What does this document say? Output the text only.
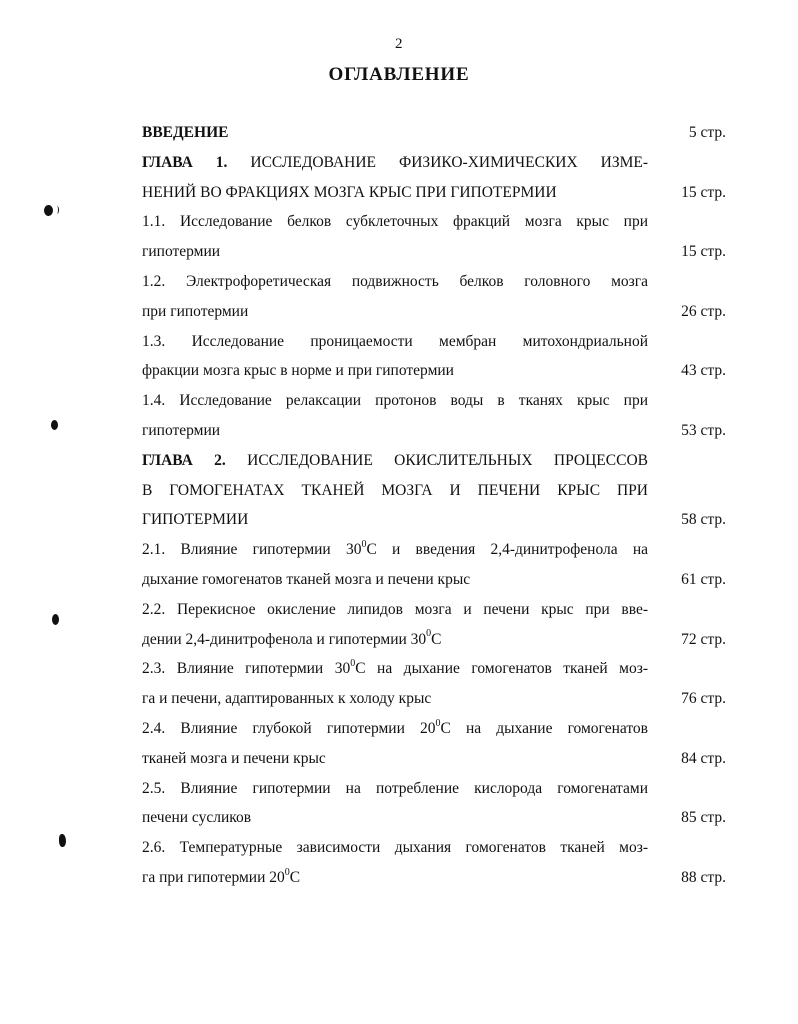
2
ОГЛАВЛЕНИЕ
ВВЕДЕНИЕ	5 стр.
ГЛАВА 1. ИССЛЕДОВАНИЕ ФИЗИКО-ХИМИЧЕСКИХ ИЗМЕ-
НЕНИЙ ВО ФРАКЦИЯХ МОЗГА КРЫС ПРИ ГИПОТЕРМИИ	15 стр.
1.1. Исследование белков субклеточных фракций мозга крыс при
гипотермии	15 стр.
1.2. Электрофоретическая подвижность белков головного мозга
при гипотермии	26 стр.
1.3. Исследование проницаемости мембран митохондриальной
фракции мозга крыс в норме и при гипотермии	43 стр.
1.4. Исследование релаксации протонов воды в тканях крыс при
гипотермии	53 стр.
ГЛАВА 2. ИССЛЕДОВАНИЕ ОКИСЛИТЕЛЬНЫХ ПРОЦЕССОВ
В ГОМОГЕНАТАХ ТКАНЕЙ МОЗГА И ПЕЧЕНИ КРЫС ПРИ
ГИПОТЕРМИИ	58 стр.
2.1. Влияние гипотермии $30^0С$ и введения 2,4-динитрофенола на
дыхание гомогенатов тканей мозга и печени крыс	61 стр.
2.2. Перекисное окисление липидов мозга и печени крыс при вве-
дении 2,4-динитрофенола и гипотермии $30^0С$	72 стр.
2.3. Влияние гипотермии $30^0С$ на дыхание гомогенатов тканей моз-
га и печени, адаптированных к холоду крыс	76 стр.
2.4. Влияние глубокой гипотермии $20^0С$ на дыхание гомогенатов
тканей мозга и печени крыс	84 стр.
2.5. Влияние гипотермии на потребление кислорода гомогенатами
печени сусликов	85 стр.
2.6. Температурные зависимости дыхания гомогенатов тканей моз-
га при гипотермии $20^0С$	88 стр.
